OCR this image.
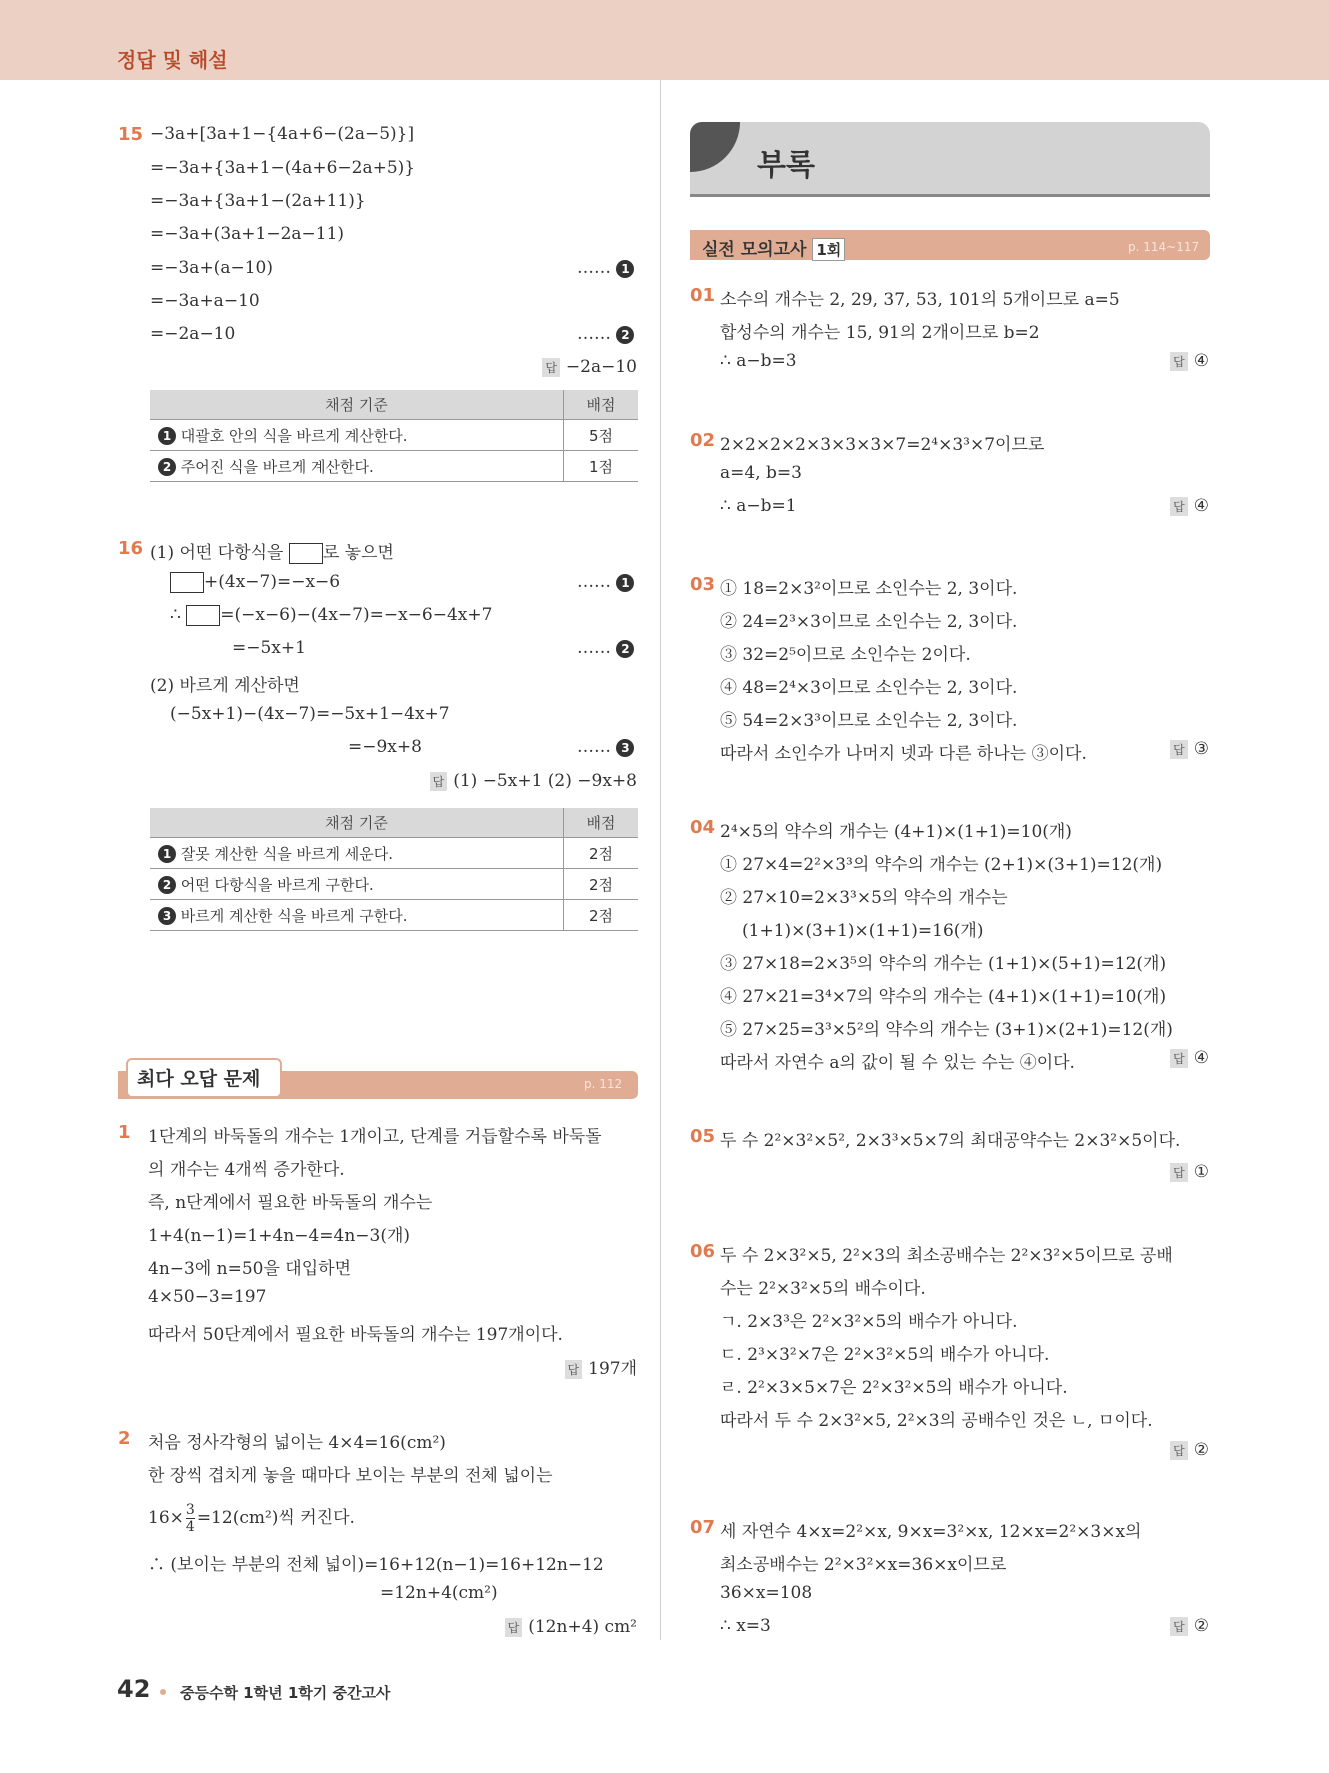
정답 및 해설
15 −3a+[3a+1−{4a+6−(2a−5)}]
=−3a+{3a+1−(4a+6−2a+5)}
=−3a+{3a+1−(2a+11)}
=−3a+(3a+1−2a−11)
=−3a+(a−10)
=−3a+a−10
=−2a−10
…… 1
…… 2
답 −2a−10
채점 기준	배점
1 대괄호 안의 식을 바르게 계산한다.	5점
2 주어진 식을 바르게 계산한다.	1점
16 (1) 어떤 다항식을 로 놓으면
+(4x−7)=−x−6
∴ =(−x−6)−(4x−7)=−x−6−4x+7
=−5x+1
(2) 바르게 계산하면
(−5x+1)−(4x−7)=−5x+1−4x+7
=−9x+8
…… 1
…… 2
…… 3
답 (1) −5x+1 (2) −9x+8
채점 기준	배점
1 잘못 계산한 식을 바르게 세운다.	2점
2 어떤 다항식을 바르게 구한다.	2점
3 바르게 계산한 식을 바르게 구한다.	2점
최다 오답 문제	p. 112
1 1단계의 바둑돌의 개수는 1개이고, 단계를 거듭할수록 바둑돌
의 개수는 4개씩 증가한다.
즉, n단계에서 필요한 바둑돌의 개수는
1+4(n−1)=1+4n−4=4n−3(개)
4n−3에 n=50을 대입하면
4×50−3=197
따라서 50단계에서 필요한 바둑돌의 개수는 197개이다.
답 197개
2 처음 정사각형의 넓이는 4×4=16(cm²)
한 장씩 겹치게 놓을 때마다 보이는 부분의 전체 넓이는
$16\times \frac{3}{4} =12(cm^2)$씩 커진다.
∴ (보이는 부분의 전체 넓이)=16+12(n−1)=16+12n−12
=12n+4(cm²)
답 (12n+4) cm²
부록
실전 모의고사 1회	p. 114~117
01 소수의 개수는 2, 29, 37, 53, 101의 5개이므로 a=5
합성수의 개수는 15, 91의 2개이므로 b=2
∴ a−b=3	답 ④
02 2×2×2×2×3×3×3×7=2⁴×3³×7이므로
a=4, b=3
∴ a−b=1	답 ④
03 ① 18=2×3²이므로 소인수는 2, 3이다.
② 24=2³×3이므로 소인수는 2, 3이다.
③ 32=2⁵이므로 소인수는 2이다.
④ 48=2⁴×3이므로 소인수는 2, 3이다.
⑤ 54=2×3³이므로 소인수는 2, 3이다.
따라서 소인수가 나머지 넷과 다른 하나는 ③이다.	답 ③
04 2⁴×5의 약수의 개수는 (4+1)×(1+1)=10(개)
① 27×4=2²×3³의 약수의 개수는 (2+1)×(3+1)=12(개)
② 27×10=2×3³×5의 약수의 개수는
(1+1)×(3+1)×(1+1)=16(개)
③ 27×18=2×3⁵의 약수의 개수는 (1+1)×(5+1)=12(개)
④ 27×21=3⁴×7의 약수의 개수는 (4+1)×(1+1)=10(개)
⑤ 27×25=3³×5²의 약수의 개수는 (3+1)×(2+1)=12(개)
따라서 자연수 a의 값이 될 수 있는 수는 ④이다.	답 ④
05 두 수 2²×3²×5², 2×3³×5×7의 최대공약수는 2×3²×5이다.
답 ①
06 두 수 2×3²×5, 2²×3의 최소공배수는 2²×3²×5이므로 공배
수는 2²×3²×5의 배수이다.
ㄱ. 2×3³은 2²×3²×5의 배수가 아니다.
ㄷ. 2³×3²×7은 2²×3²×5의 배수가 아니다.
ㄹ. 2²×3×5×7은 2²×3²×5의 배수가 아니다.
따라서 두 수 2×3²×5, 2²×3의 공배수인 것은 ㄴ, ㅁ이다.
답 ②
07 세 자연수 4×x=2²×x, 9×x=3²×x, 12×x=2²×3×x의
최소공배수는 2²×3²×x=36×x이므로
36×x=108
∴ x=3	답 ②
42 중등수학 1학년 1학기 중간고사
